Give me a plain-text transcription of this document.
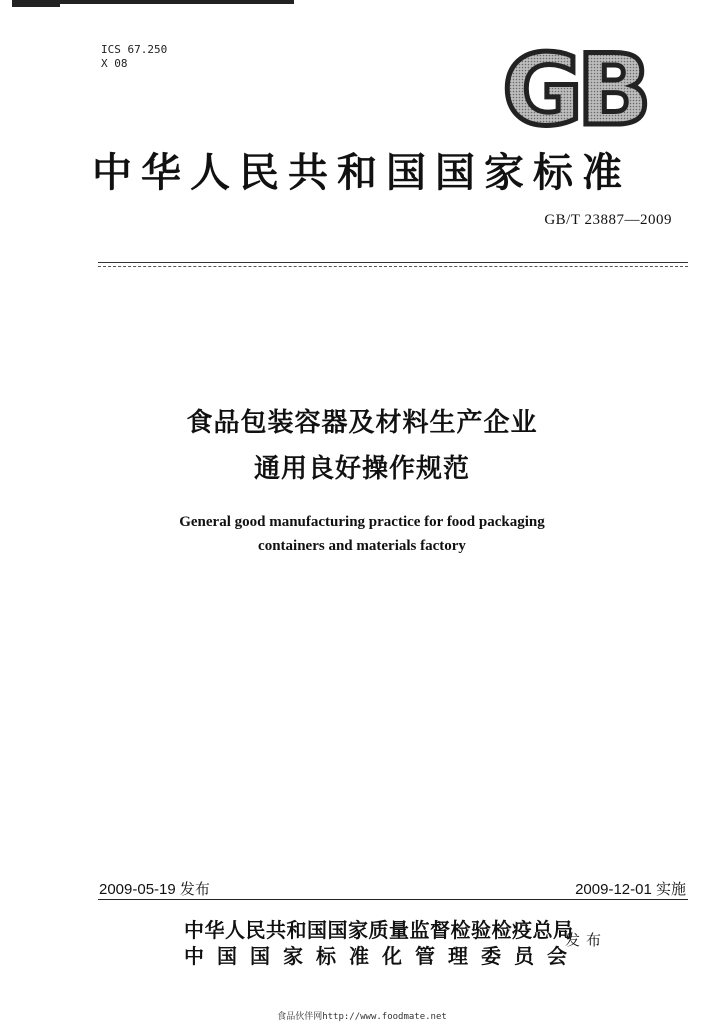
ICS 67.250
X 08	GB
中华人民共和国国家标准
GB/T 23887—2009
食品包装容器及材料生产企业
通用良好操作规范
General good manufacturing practice for food packaging
containers and materials factory
2009-05-19 发布	2009-12-01 实施
中华人民共和国国家质量监督检验检疫总局
中国国家标准化管理委员会
发布
食品伙伴网http://www.foodmate.net
